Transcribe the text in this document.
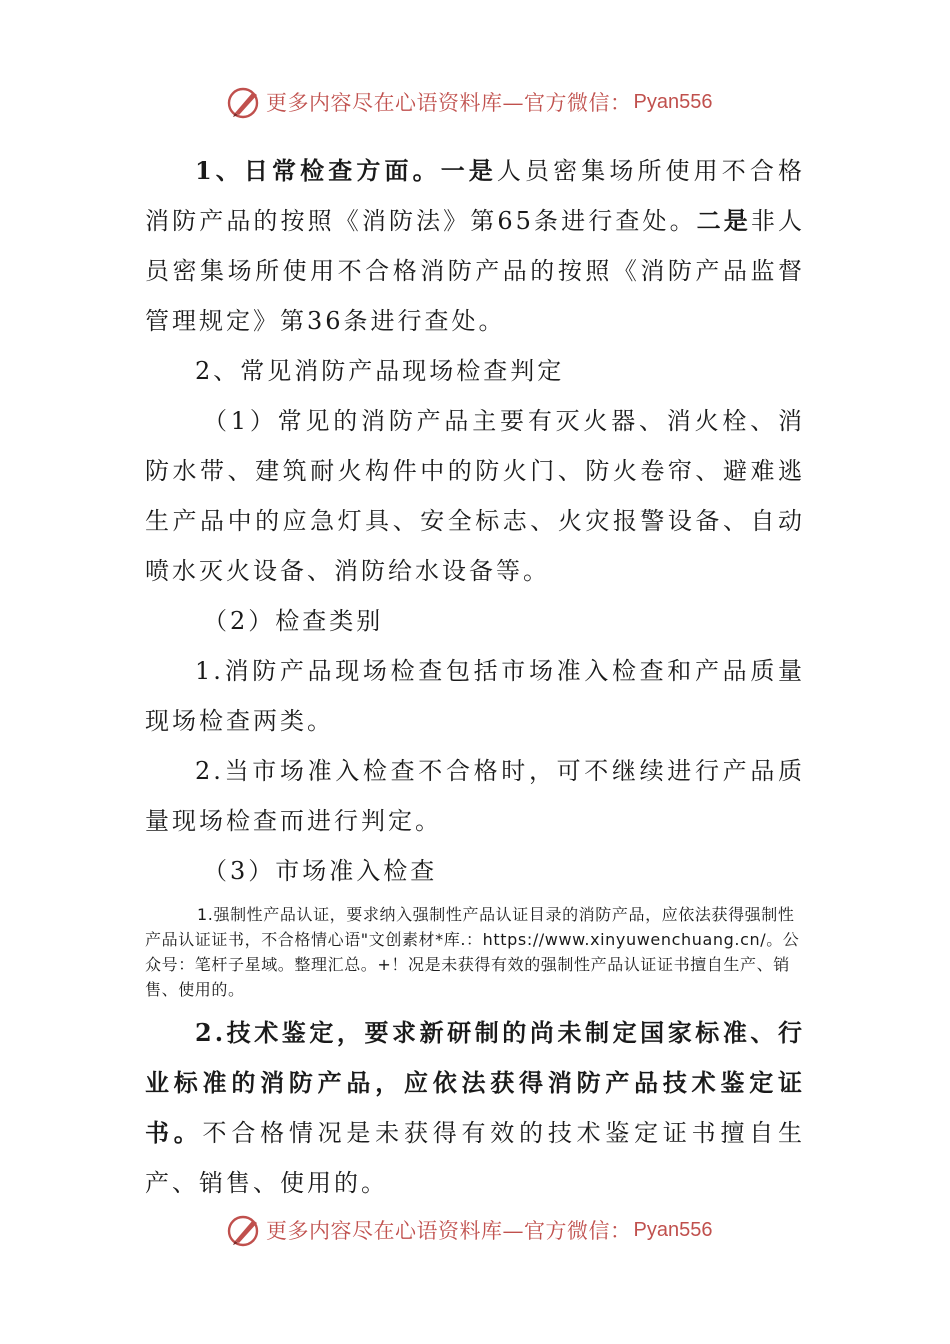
更多内容尽在心语资料库—官方微信： Pyan556

1、日常检查方面。一是人员密集场所使用不合格消防产品的按照《消防法》第65条进行查处。二是非人员密集场所使用不合格消防产品的按照《消防产品监督管理规定》第36条进行查处。

2、常见消防产品现场检查判定

（1）常见的消防产品主要有灭火器、消火栓、消防水带、建筑耐火构件中的防火门、防火卷帘、避难逃生产品中的应急灯具、安全标志、火灾报警设备、自动喷水灭火设备、消防给水设备等。

（2）检查类别

1.消防产品现场检查包括市场准入检查和产品质量现场检查两类。

2.当市场准入检查不合格时，可不继续进行产品质量现场检查而进行判定。

（3）市场准入检查

1.强制性产品认证，要求纳入强制性产品认证目录的消防产品，应依法获得强制性产品认证证书，不合格情心语"文创素材*库.：https://www.xinyuwenchuang.cn/。公众号：笔杆子星域。整理汇总。+！况是未获得有效的强制性产品认证证书擅自生产、销售、使用的。

2.技术鉴定，要求新研制的尚未制定国家标准、行业标准的消防产品，应依法获得消防产品技术鉴定证书。不合格情况是未获得有效的技术鉴定证书擅自生产、销售、使用的。

更多内容尽在心语资料库—官方微信： Pyan556
